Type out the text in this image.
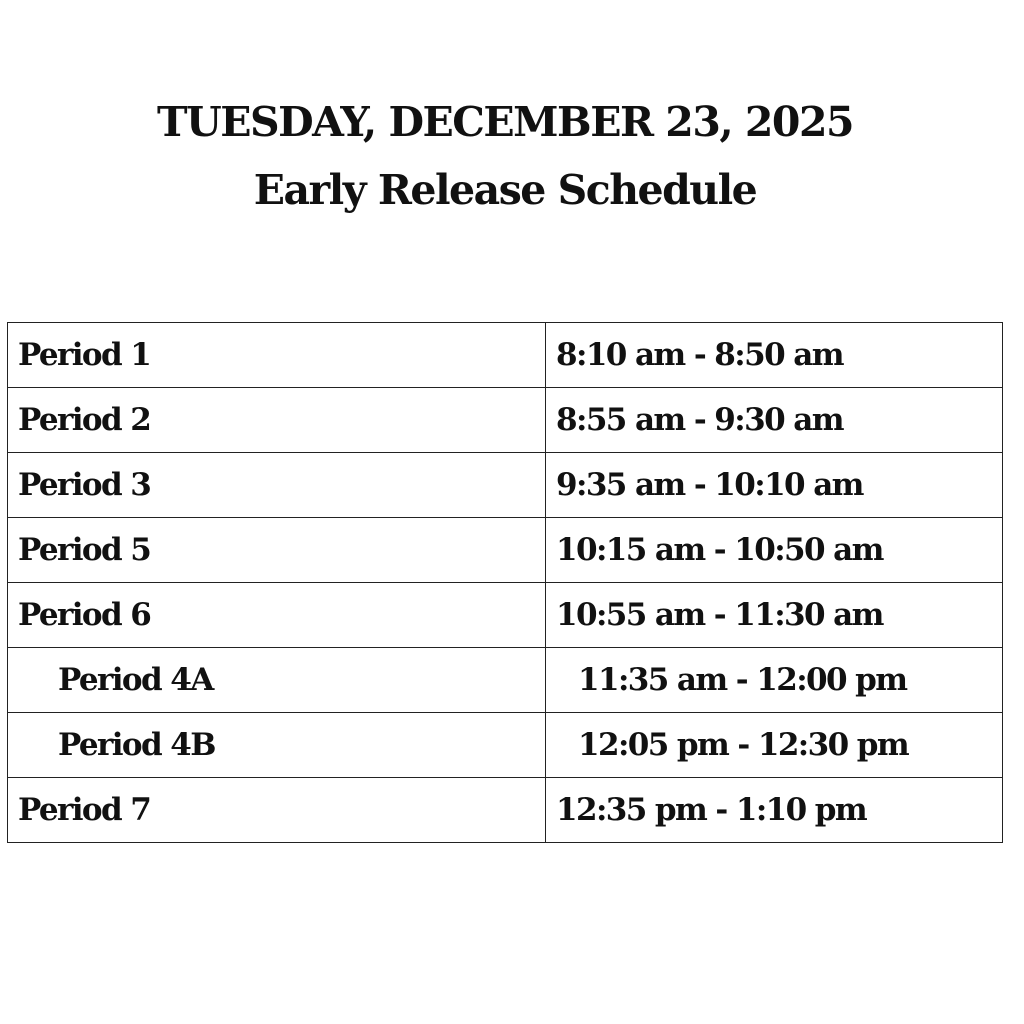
TUESDAY, DECEMBER 23, 2025
Early Release Schedule
Period 1	8:10 am - 8:50 am
Period 2	8:55 am - 9:30 am
Period 3	9:35 am - 10:10 am
Period 5	10:15 am - 10:50 am
Period 6	10:55 am - 11:30 am
Period 4A	11:35 am - 12:00 pm
Period 4B	12:05 pm - 12:30 pm
Period 7	12:35 pm - 1:10 pm
